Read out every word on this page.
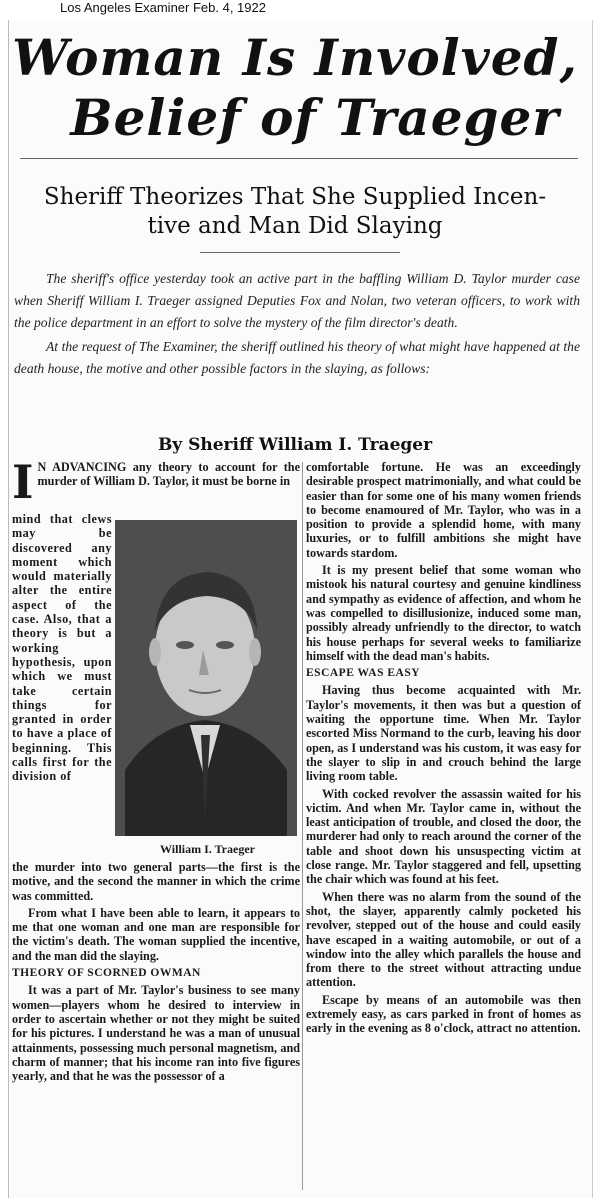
Los Angeles Examiner Feb. 4, 1922
Woman Is Involved,
Belief of Traeger
Sheriff Theorizes That She Supplied Incen-
tive and Man Did Slaying

The sheriff's office yesterday took an active part in the baffling William D. Taylor murder case when Sheriff William I. Traeger assigned Deputies Fox and Nolan, two veteran officers, to work with the police department in an effort to solve the mystery of the film director's death.

At the request of The Examiner, the sheriff outlined his theory of what might have happened at the death house, the motive and other possible factors in the slaying, as follows:

By Sheriff William I. Traeger

I N ADVANCING any theory to account for the murder of William D. Taylor, it must be borne in

mind that clews may be discovered any moment which would materially alter the entire aspect of the case. Also, that a theory is but a working hypothesis, upon which we must take certain things for granted in order to have a place of beginning. This calls first for the division of

William I. Traeger

the murder into two general parts—the first is the motive, and the second the manner in which the crime was committed.

From what I have been able to learn, it appears to me that one woman and one man are responsible for the victim's death. The woman supplied the incentive, and the man did the slaying.

THEORY OF SCORNED OWMAN

It was a part of Mr. Taylor's business to see many women—players whom he desired to interview in order to ascertain whether or not they might be suited for his pictures. I understand he was a man of unusual attainments, possessing much personal magnetism, and charm of manner; that his income ran into five figures yearly, and that he was the possessor of a

comfortable fortune. He was an exceedingly desirable prospect matrimonially, and what could be easier than for some one of his many women friends to become enamoured of Mr. Taylor, who was in a position to provide a splendid home, with many luxuries, or to fulfill ambitions she might have towards stardom.

It is my present belief that some woman who mistook his natural courtesy and genuine kindliness and sympathy as evidence of affection, and whom he was compelled to disillusionize, induced some man, possibly already unfriendly to the director, to watch his house perhaps for several weeks to familiarize himself with the dead man's habits.

ESCAPE WAS EASY

Having thus become acquainted with Mr. Taylor's movements, it then was but a question of waiting the opportune time. When Mr. Taylor escorted Miss Normand to the curb, leaving his door open, as I understand was his custom, it was easy for the slayer to slip in and crouch behind the large living room table.

With cocked revolver the assassin waited for his victim. And when Mr. Taylor came in, without the least anticipation of trouble, and closed the door, the murderer had only to reach around the corner of the table and shoot down his unsuspecting victim at close range. Mr. Taylor staggered and fell, upsetting the chair which was found at his feet.

When there was no alarm from the sound of the shot, the slayer, apparently calmly pocketed his revolver, stepped out of the house and could easily have escaped in a waiting automobile, or out of a window into the alley which parallels the house and from there to the street without attracting undue attention.

Escape by means of an automobile was then extremely easy, as cars parked in front of homes as early in the evening as 8 o'clock, attract no attention.
